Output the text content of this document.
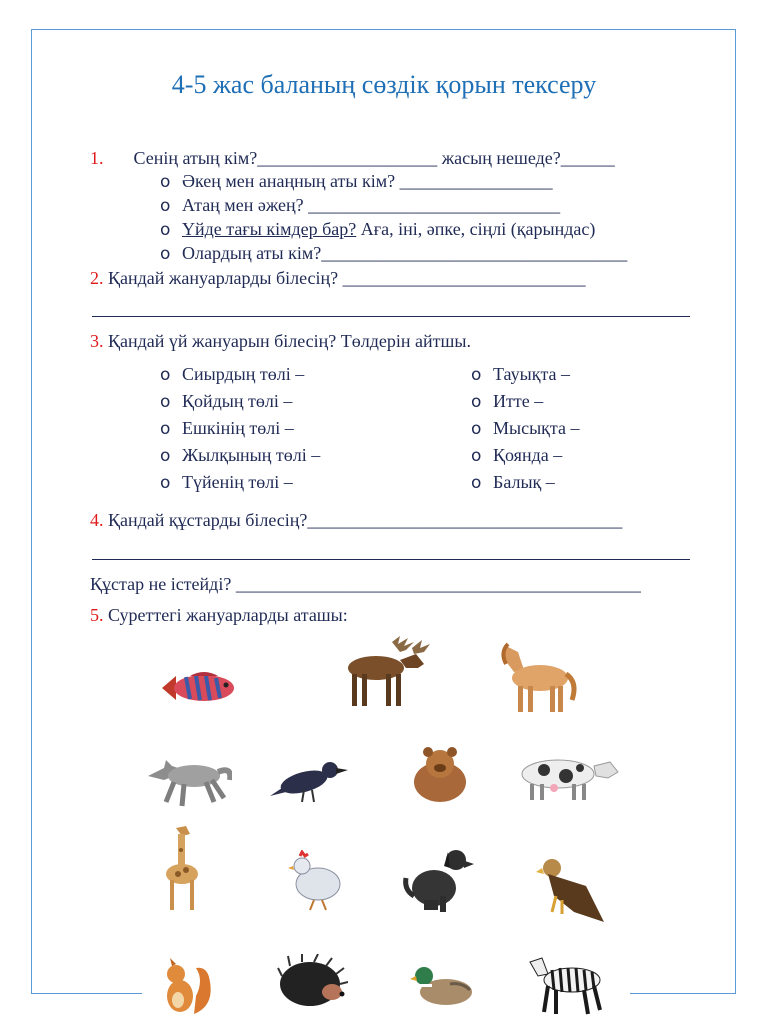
4-5 жас баланың сөздік қорын тексеру
1. Сенің атың кім?____________________ жасың нешеде?______
o Әкең мен анаңның аты кім? _________________
o Атаң мен әжең? ____________________________
o Үйде тағы кімдер бар? Аға, іні, әпке, сіңлі (қарындас)
o Олардың аты кім?__________________________________
2. Қандай жануарларды білесің? ___________________________
3. Қандай үй жануарын білесің? Төлдерін айтшы.
o Сиырдың төлі –
o Қойдың төлі –
o Ешкінің төлі –
o Жылқының төлі –
o Түйенің төлі –
o Тауықта –
o Итте –
o Мысықта –
o Қоянда –
o Балық –
4. Қандай құстарды білесің?___________________________________
Құстар не істейді? _____________________________________________
5. Суреттегі жануарларды аташы:
